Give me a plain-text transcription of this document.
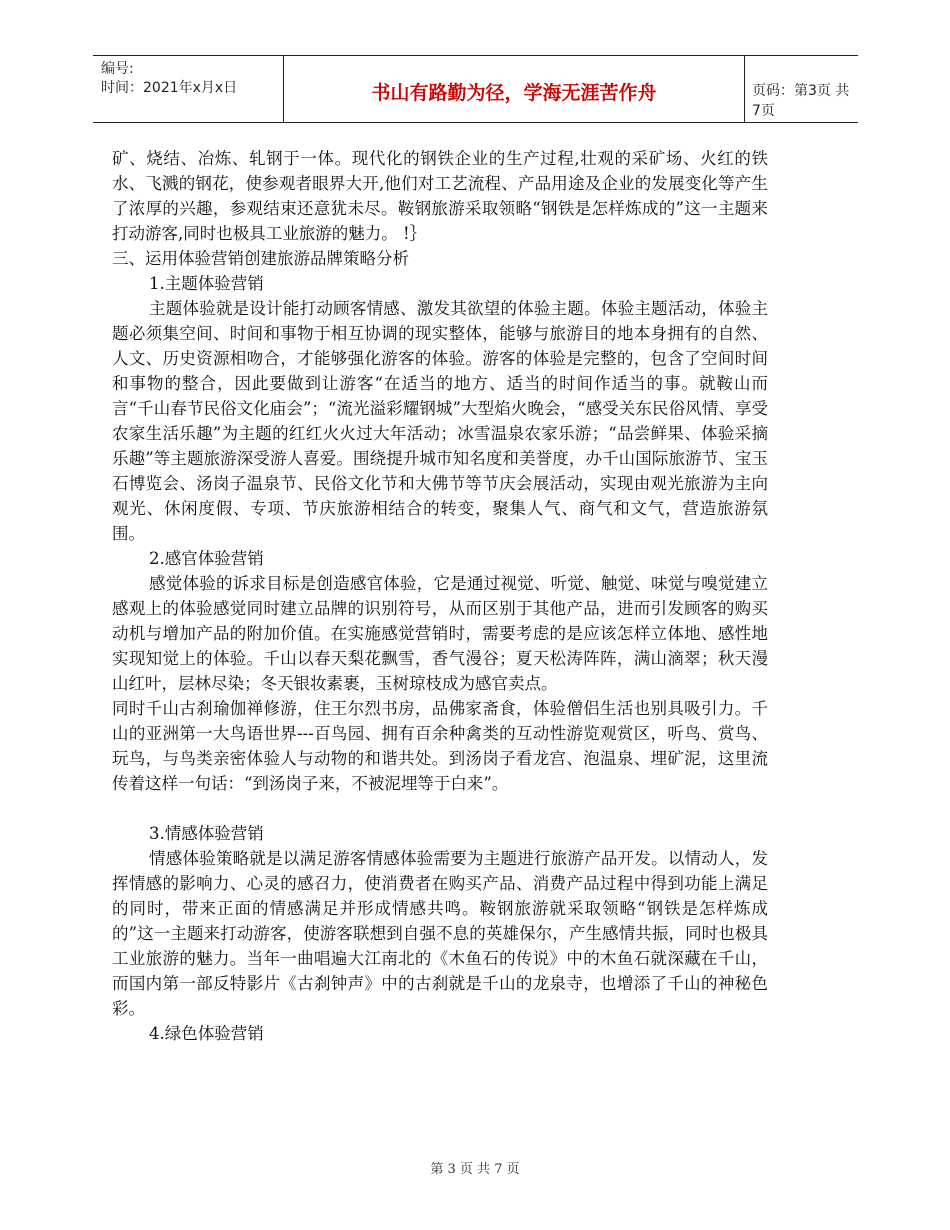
编号:
时间：2021年x月x日	书山有路勤为径，学海无涯苦作舟	页码：第3页 共7页

矿、烧结、冶炼、轧钢于一体。现代化的钢铁企业的生产过程,壮观的采矿场、火红的铁水、飞溅的钢花，使参观者眼界大开,他们对工艺流程、产品用途及企业的发展变化等产生了浓厚的兴趣，参观结束还意犹未尽。鞍钢旅游采取领略“钢铁是怎样炼成的”这一主题来打动游客,同时也极具工业旅游的魅力。 !｝

三、运用体验营销创建旅游品牌策略分析

1.主题体验营销

主题体验就是设计能打动顾客情感、激发其欲望的体验主题。体验主题活动，体验主题必须集空间、时间和事物于相互协调的现实整体，能够与旅游目的地本身拥有的自然、人文、历史资源相吻合，才能够强化游客的体验。游客的体验是完整的，包含了空间时间和事物的整合，因此要做到让游客“在适当的地方、适当的时间作适当的事。就鞍山而言“千山春节民俗文化庙会”；“流光溢彩耀钢城”大型焰火晚会，“感受关东民俗风情、享受农家生活乐趣”为主题的红红火火过大年活动；冰雪温泉农家乐游；“品尝鲜果、体验采摘乐趣”等主题旅游深受游人喜爱。围绕提升城市知名度和美誉度，办千山国际旅游节、宝玉石博览会、汤岗子温泉节、民俗文化节和大佛节等节庆会展活动，实现由观光旅游为主向观光、休闲度假、专项、节庆旅游相结合的转变，聚集人气、商气和文气，营造旅游氛围。

2.感官体验营销

感觉体验的诉求目标是创造感官体验，它是通过视觉、听觉、触觉、味觉与嗅觉建立感观上的体验感觉同时建立品牌的识别符号，从而区别于其他产品，进而引发顾客的购买动机与增加产品的附加价值。在实施感觉营销时，需要考虑的是应该怎样立体地、感性地实现知觉上的体验。千山以春天梨花飘雪，香气漫谷；夏天松涛阵阵，满山滴翠；秋天漫山红叶，层林尽染；冬天银妆素裹，玉树琼枝成为感官卖点。

同时千山古刹瑜伽禅修游，住王尔烈书房，品佛家斋食，体验僧侣生活也别具吸引力。千山的亚洲第一大鸟语世界---百鸟园、拥有百余种禽类的互动性游览观赏区，听鸟、赏鸟、玩鸟，与鸟类亲密体验人与动物的和谐共处。到汤岗子看龙宫、泡温泉、埋矿泥，这里流传着这样一句话：“到汤岗子来，不被泥埋等于白来”。

3.情感体验营销

情感体验策略就是以满足游客情感体验需要为主题进行旅游产品开发。以情动人，发挥情感的影响力、心灵的感召力，使消费者在购买产品、消费产品过程中得到功能上满足的同时，带来正面的情感满足并形成情感共鸣。鞍钢旅游就采取领略“钢铁是怎样炼成的”这一主题来打动游客，使游客联想到自强不息的英雄保尔，产生感情共振，同时也极具工业旅游的魅力。当年一曲唱遍大江南北的《木鱼石的传说》中的木鱼石就深藏在千山，而国内第一部反特影片《古刹钟声》中的古刹就是千山的龙泉寺，也增添了千山的神秘色彩。

4.绿色体验营销

第 3 页 共 7 页
